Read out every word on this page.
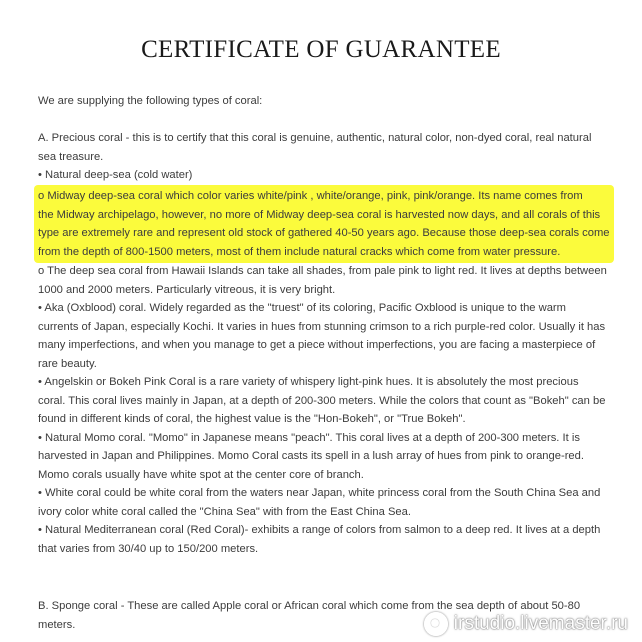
CERTIFICATE OF GUARANTEE
We are supplying the following types of coral:
A. Precious coral - this is to certify that this coral is genuine, authentic, natural color, non-dyed coral, real natural
sea treasure.
• Natural deep-sea (cold water)
o Midway deep-sea coral which color varies white/pink , white/orange, pink, pink/orange. Its name comes from
the Midway archipelago, however, no more of Midway deep-sea coral is harvested now days, and all corals of this
type are extremely rare and represent old stock of gathered 40-50 years ago. Because those deep-sea corals come
from the depth of 800-1500 meters, most of them include natural cracks which come from water pressure.
o The deep sea coral from Hawaii Islands can take all shades, from pale pink to light red. It lives at depths between
1000 and 2000 meters. Particularly vitreous, it is very bright.
• Aka (Oxblood) coral. Widely regarded as the "truest" of its coloring, Pacific Oxblood is unique to the warm
currents of Japan, especially Kochi. It varies in hues from stunning crimson to a rich purple-red color. Usually it has
many imperfections, and when you manage to get a piece without imperfections, you are facing a masterpiece of
rare beauty.
• Angelskin or Bokeh Pink Coral is a rare variety of whispery light-pink hues. It is absolutely the most precious
coral. This coral lives mainly in Japan, at a depth of 200-300 meters. While the colors that count as "Bokeh" can be
found in different kinds of coral, the highest value is the "Hon-Bokeh", or "True Bokeh".
• Natural Momo coral. "Momo" in Japanese means "peach". This coral lives at a depth of 200-300 meters. It is
harvested in Japan and Philippines. Momo Coral casts its spell in a lush array of hues from pink to orange-red.
Momo corals usually have white spot at the center core of branch.
• White coral could be white coral from the waters near Japan, white princess coral from the South China Sea and
ivory color white coral called the "China Sea" with from the East China Sea.
• Natural Mediterranean coral (Red Coral)- exhibits a range of colors from salmon to a deep red. It lives at a depth
that varies from 30/40 up to 150/200 meters.
B. Sponge coral - These are called Apple coral or African coral which come from the sea depth of about 50-80
meters.	irstudio.livemaster.ru
